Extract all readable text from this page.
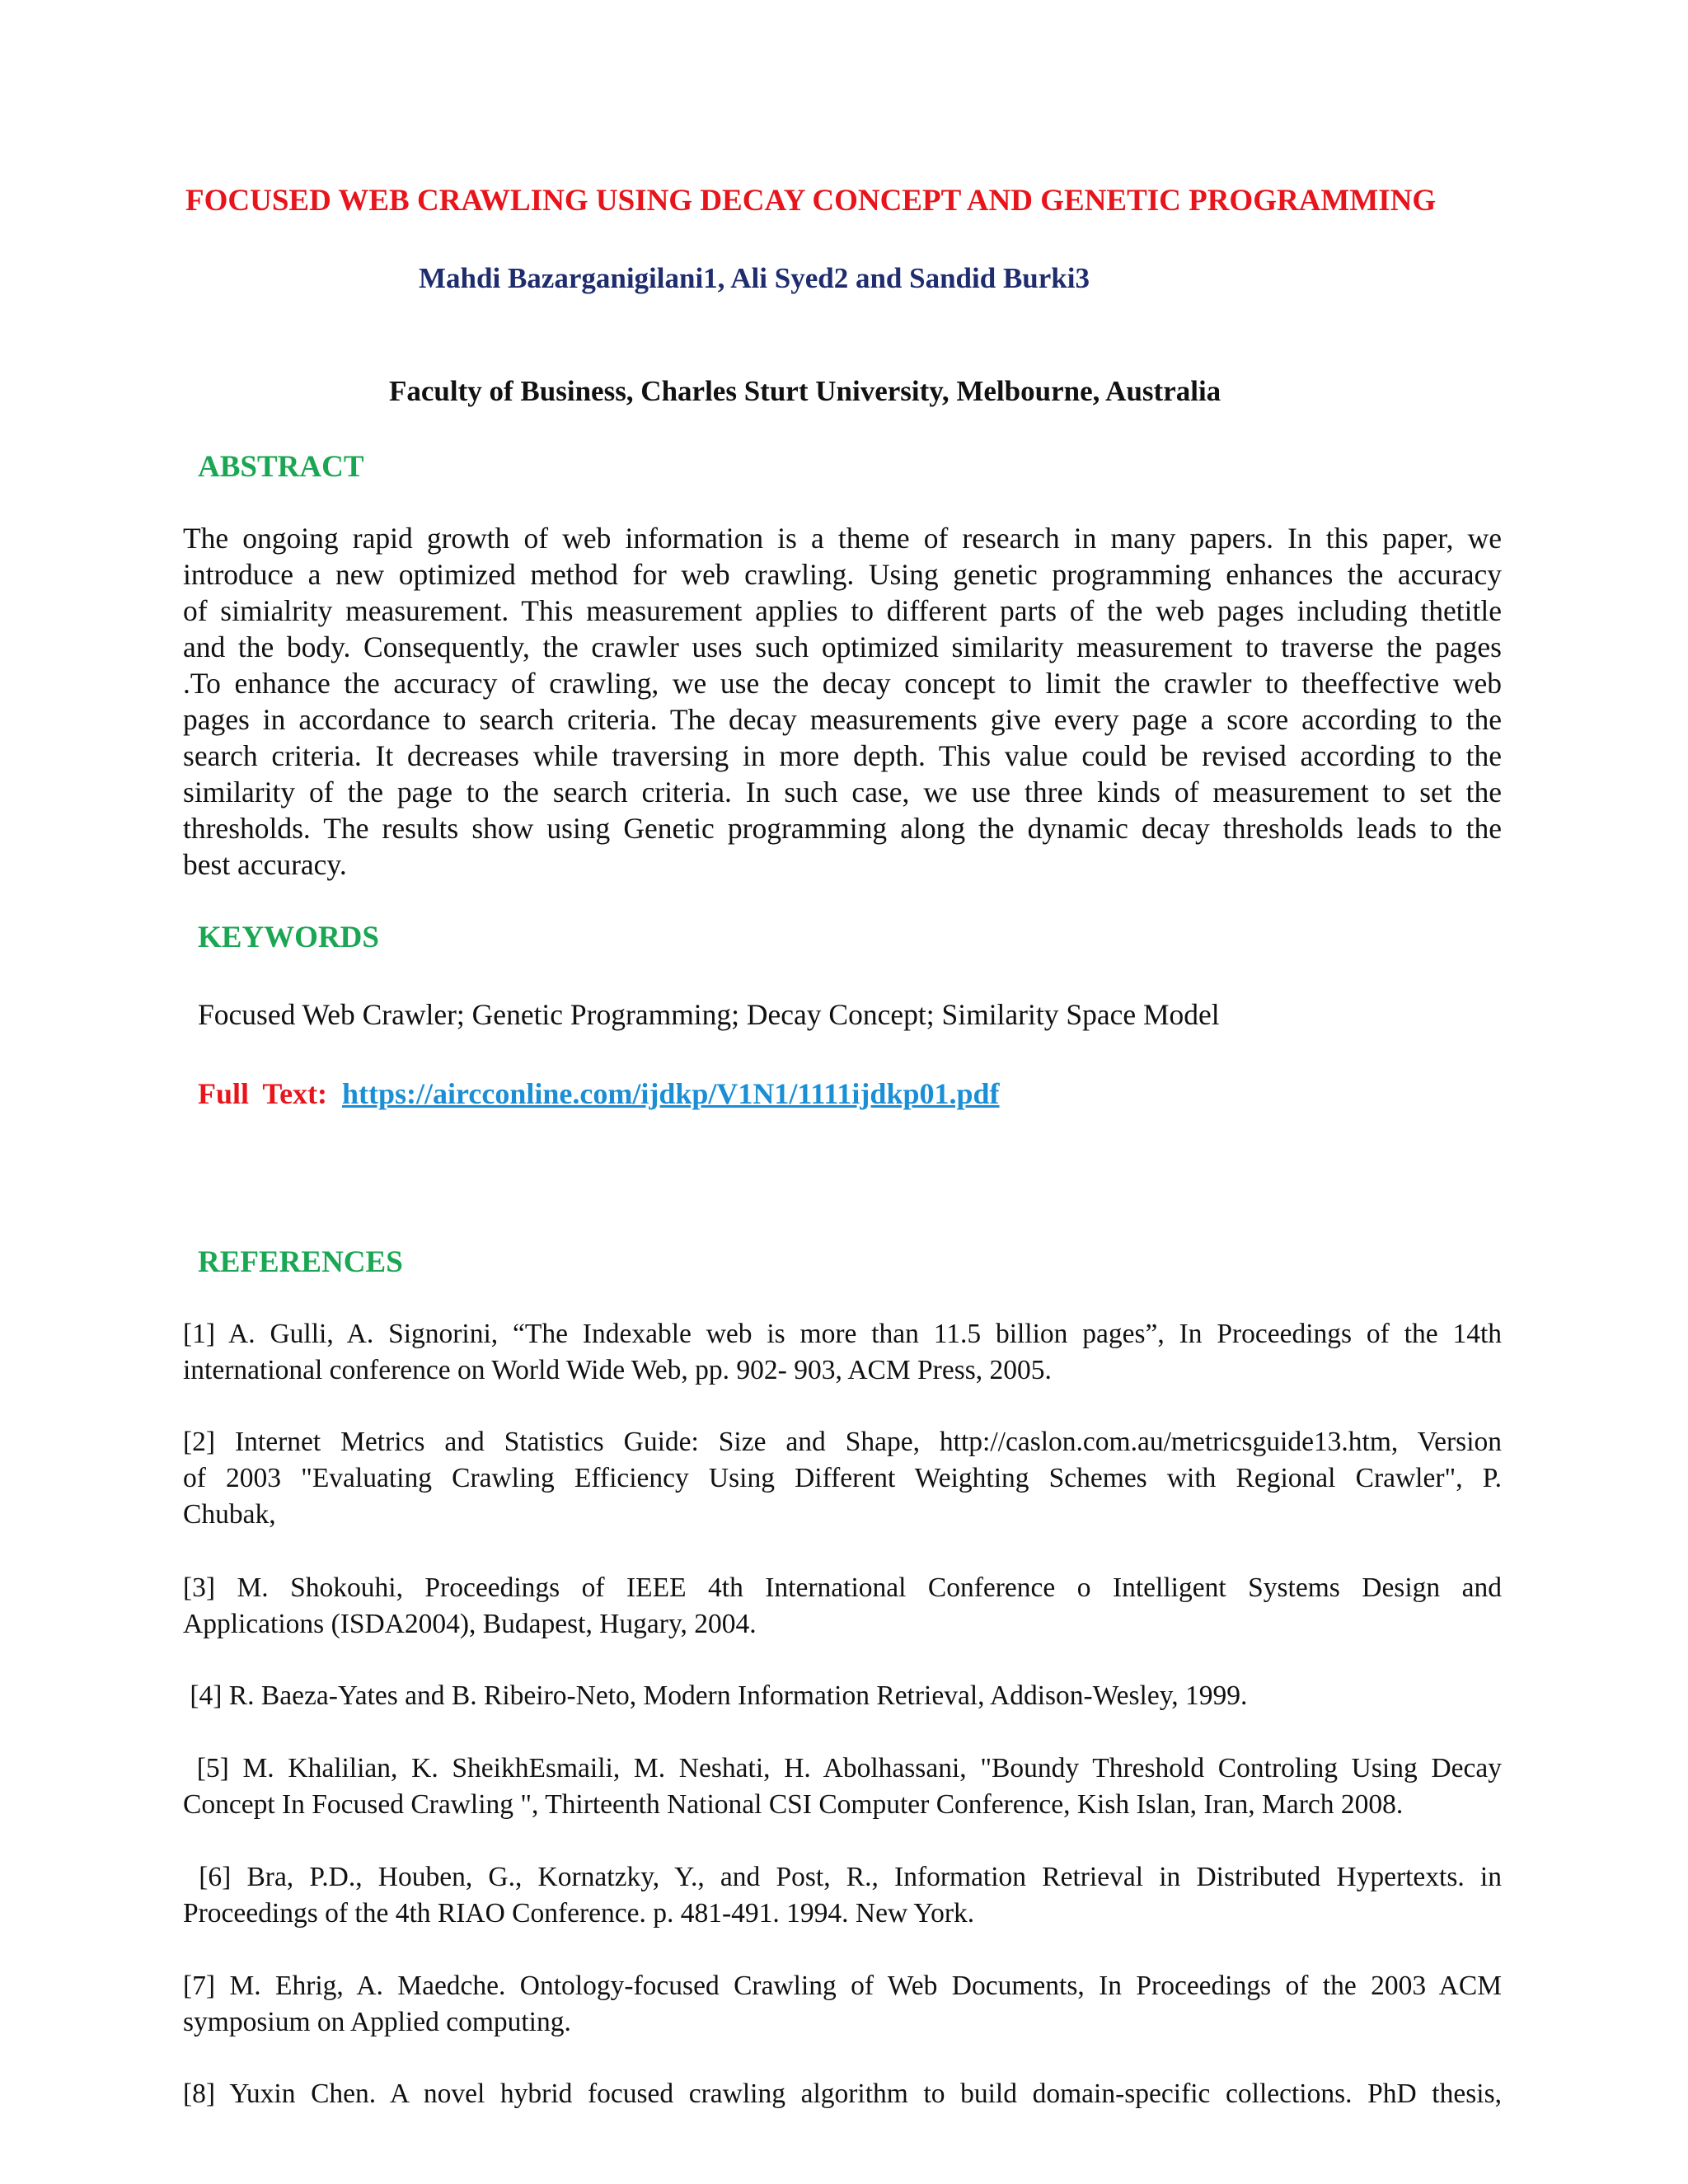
FOCUSED WEB CRAWLING USING DECAY CONCEPT AND GENETIC PROGRAMMING
Mahdi Bazarganigilani1, Ali Syed2 and Sandid Burki3
Faculty of Business, Charles Sturt University, Melbourne, Australia
ABSTRACT
The ongoing rapid growth of web information is a theme of research in many papers. In this paper, we
introduce a new optimized method for web crawling. Using genetic programming enhances the accuracy
of simialrity measurement. This measurement applies to different parts of the web pages including thetitle
and the body. Consequently, the crawler uses such optimized similarity measurement to traverse the pages
.To enhance the accuracy of crawling, we use the decay concept to limit the crawler to theeffective web
pages in accordance to search criteria. The decay measurements give every page a score according to the
search criteria. It decreases while traversing in more depth. This value could be revised according to the
similarity of the page to the search criteria. In such case, we use three kinds of measurement to set the
thresholds. The results show using Genetic programming along the dynamic decay thresholds leads to the
best accuracy.
KEYWORDS
Focused Web Crawler; Genetic Programming; Decay Concept; Similarity Space Model
Full Text: https://aircconline.com/ijdkp/V1N1/1111ijdkp01.pdf
REFERENCES
[1] A. Gulli, A. Signorini, “The Indexable web is more than 11.5 billion pages”, In Proceedings of the 14th
international conference on World Wide Web, pp. 902- 903, ACM Press, 2005.
[2] Internet Metrics and Statistics Guide: Size and Shape, http://caslon.com.au/metricsguide13.htm, Version
of 2003 "Evaluating Crawling Efficiency Using Different Weighting Schemes with Regional Crawler", P.
Chubak,
[3] M. Shokouhi, Proceedings of IEEE 4th International Conference o Intelligent Systems Design and
Applications (ISDA2004), Budapest, Hugary, 2004.
[4] R. Baeza-Yates and B. Ribeiro-Neto, Modern Information Retrieval, Addison-Wesley, 1999.
[5] M. Khalilian, K. SheikhEsmaili, M. Neshati, H. Abolhassani, "Boundy Threshold Controling Using Decay
Concept In Focused Crawling ", Thirteenth National CSI Computer Conference, Kish Islan, Iran, March 2008.
[6] Bra, P.D., Houben, G., Kornatzky, Y., and Post, R., Information Retrieval in Distributed Hypertexts. in
Proceedings of the 4th RIAO Conference. p. 481-491. 1994. New York.
[7] M. Ehrig, A. Maedche. Ontology-focused Crawling of Web Documents, In Proceedings of the 2003 ACM
symposium on Applied computing.
[8] Yuxin Chen. A novel hybrid focused crawling algorithm to build domain-specific collections. PhD thesis,
